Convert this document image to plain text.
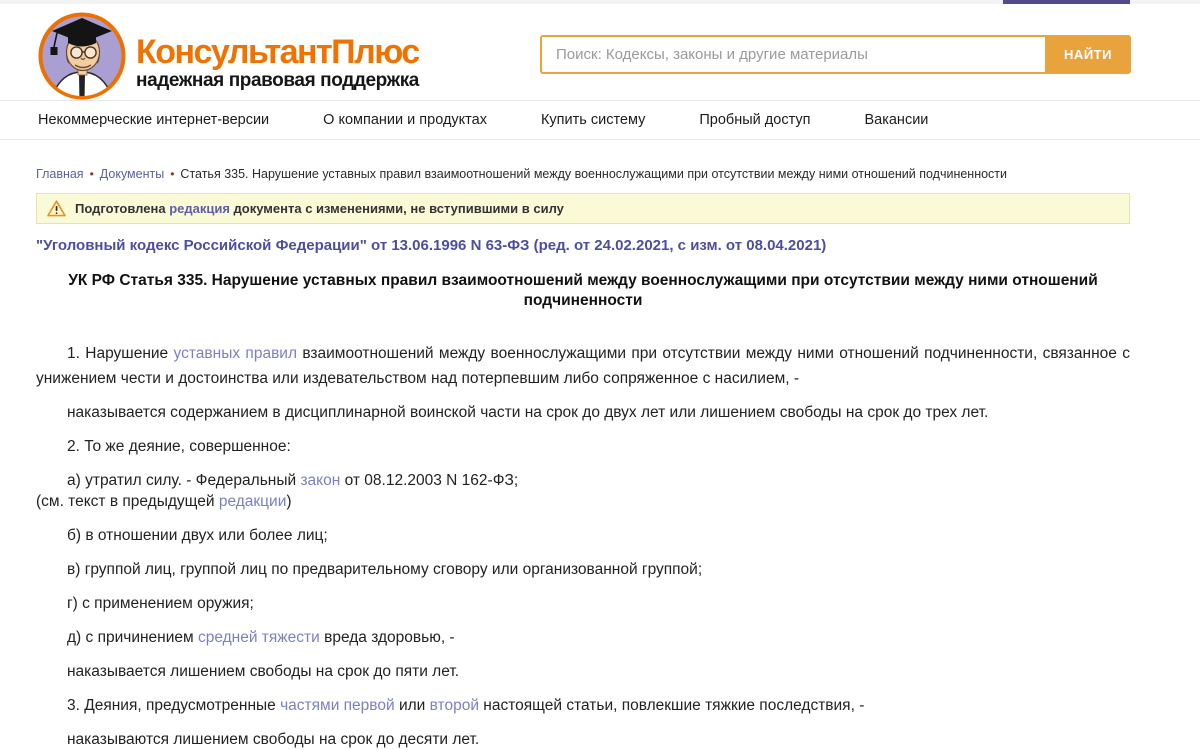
КонсультантПлюс
надежная правовая поддержка
Поиск: Кодексы, законы и другие материалы
НАЙТИ
Некоммерческие интернет-версии	О компании и продуктах	Купить систему	Пробный доступ	Вакансии
Главная • Документы • Статья 335. Нарушение уставных правил взаимоотношений между военнослужащими при отсутствии между ними отношений подчиненности
Подготовлена редакция документа с изменениями, не вступившими в силу
"Уголовный кодекс Российской Федерации" от 13.06.1996 N 63-ФЗ (ред. от 24.02.2021, с изм. от 08.04.2021)
УК РФ Статья 335. Нарушение уставных правил взаимоотношений между военнослужащими при отсутствии между ними отношений подчиненности

1. Нарушение уставных правил взаимоотношений между военнослужащими при отсутствии между ними отношений подчиненности, связанное с унижением чести и достоинства или издевательством над потерпевшим либо сопряженное с насилием, -

наказывается содержанием в дисциплинарной воинской части на срок до двух лет или лишением свободы на срок до трех лет.

2. То же деяние, совершенное:

а) утратил силу. - Федеральный закон от 08.12.2003 N 162-ФЗ;

(см. текст в предыдущей редакции)

б) в отношении двух или более лиц;

в) группой лиц, группой лиц по предварительному сговору или организованной группой;

г) с применением оружия;

д) с причинением средней тяжести вреда здоровью, -

наказывается лишением свободы на срок до пяти лет.

3. Деяния, предусмотренные частями первой или второй настоящей статьи, повлекшие тяжкие последствия, -

наказываются лишением свободы на срок до десяти лет.
